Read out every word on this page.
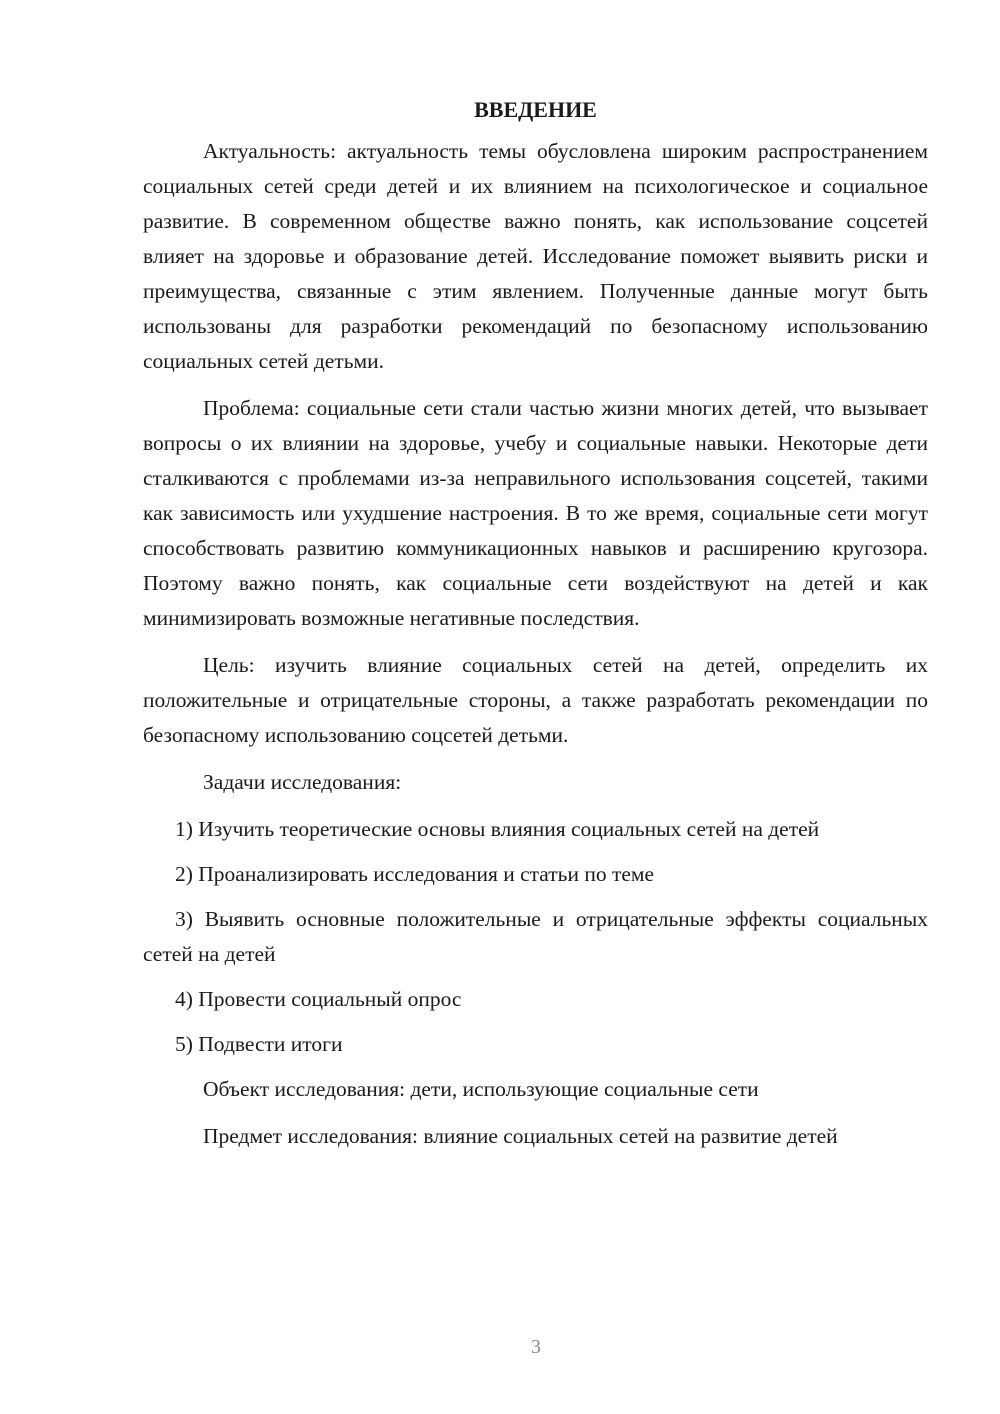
ВВЕДЕНИЕ

Актуальность: актуальность темы обусловлена широким распространением социальных сетей среди детей и их влиянием на психологическое и социальное развитие. В современном обществе важно понять, как использование соцсетей влияет на здоровье и образование детей. Исследование поможет выявить риски и преимущества, связанные с этим явлением. Полученные данные могут быть использованы для разработки рекомендаций по безопасному использованию социальных сетей детьми.

Проблема: социальные сети стали частью жизни многих детей, что вызывает вопросы о их влиянии на здоровье, учебу и социальные навыки. Некоторые дети сталкиваются с проблемами из-за неправильного использования соцсетей, такими как зависимость или ухудшение настроения. В то же время, социальные сети могут способствовать развитию коммуникационных навыков и расширению кругозора. Поэтому важно понять, как социальные сети воздействуют на детей и как минимизировать возможные негативные последствия.

Цель: изучить влияние социальных сетей на детей, определить их положительные и отрицательные стороны, а также разработать рекомендации по безопасному использованию соцсетей детьми.

Задачи исследования:

1) Изучить теоретические основы влияния социальных сетей на детей

2) Проанализировать исследования и статьи по теме

3) Выявить основные положительные и отрицательные эффекты социальных сетей на детей

4) Провести социальный опрос

5) Подвести итоги

Объект исследования: дети, использующие социальные сети

Предмет исследования: влияние социальных сетей на развитие детей

3
